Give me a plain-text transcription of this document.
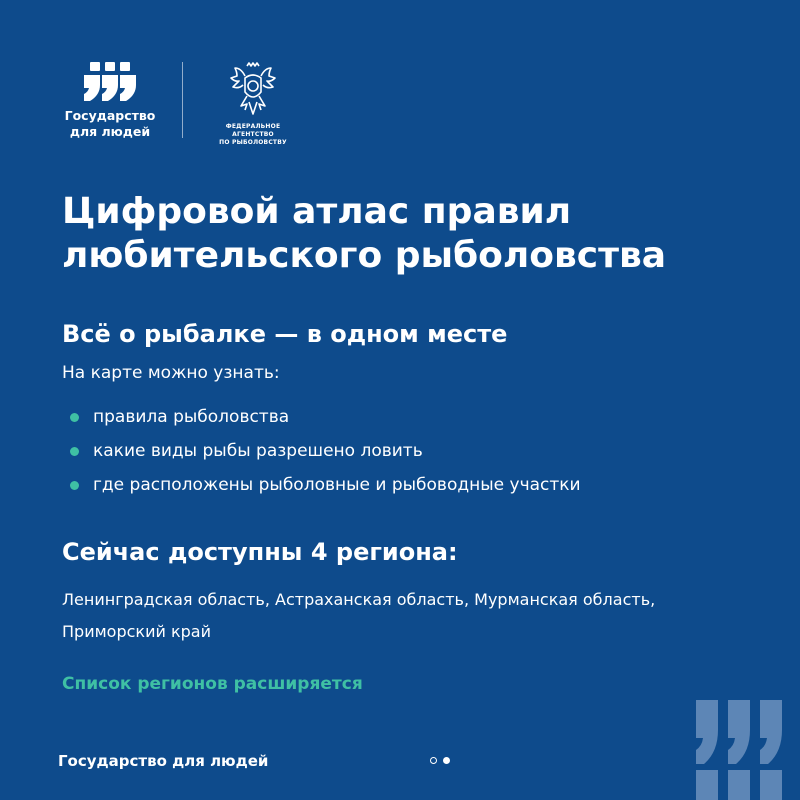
Государство
для людей	ФЕДЕРАЛЬНОЕ АГЕНТСТВО
ПО РЫБОЛОВСТВУ
Цифровой атлас правил
любительского рыболовства
Всё о рыбалке — в одном месте
На карте можно узнать:
правила рыболовства
какие виды рыбы разрешено ловить
где расположены рыболовные и рыбоводные участки
Сейчас доступны 4 региона:
Ленинградская область, Астраханская область, Мурманская область,
Приморский край
Список регионов расширяется
Государство для людей
